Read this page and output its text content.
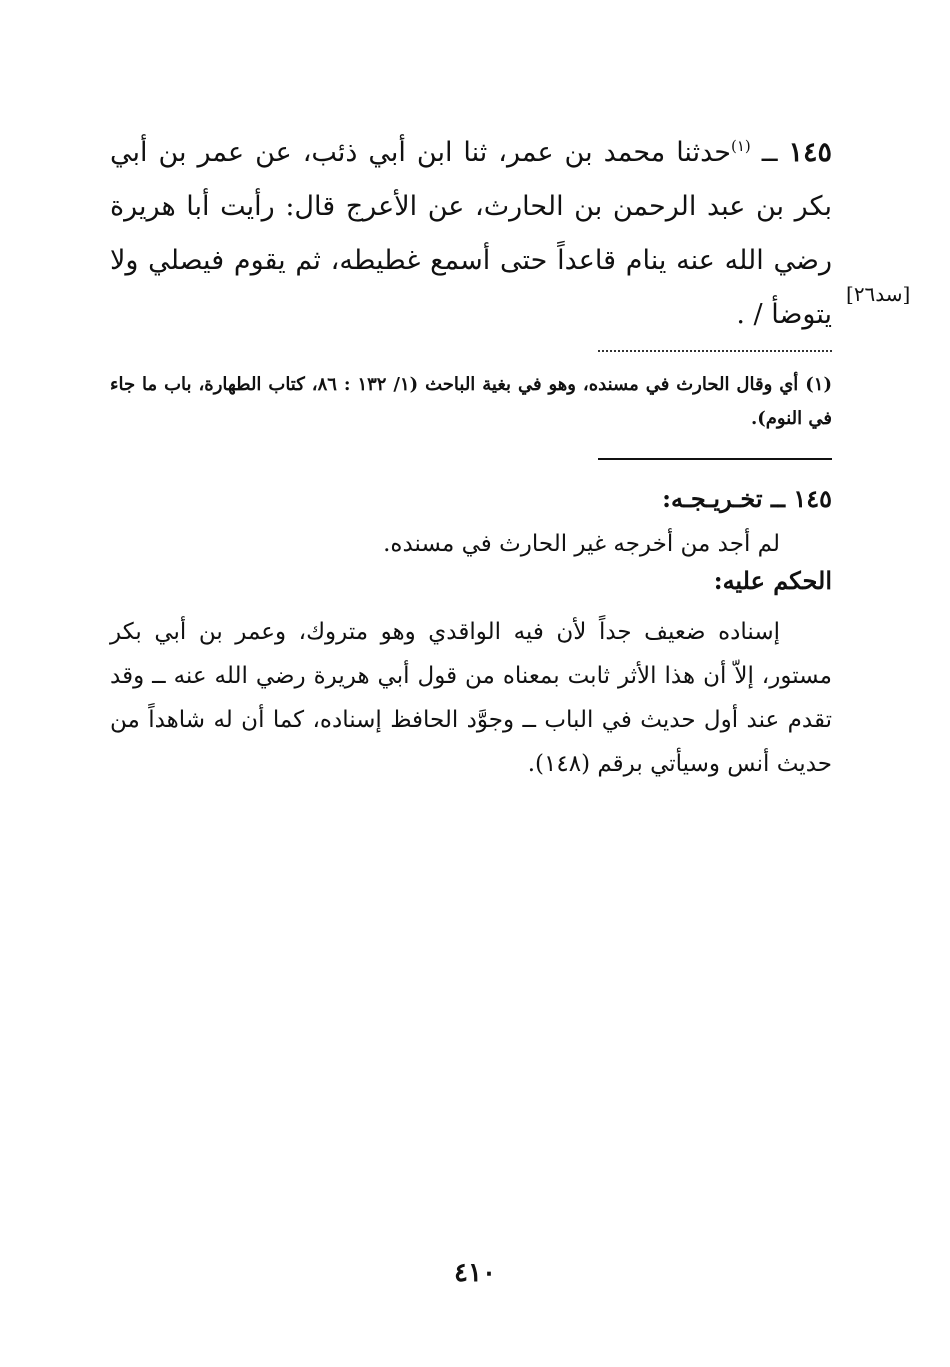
١٤٥ ــ $^{(١)}$حدثنا محمد بن عمر، ثنا ابن أبي ذئب، عن عمر بن أبي بكر بن عبد الرحمن بن الحارث، عن الأعرج قال: رأيت أبا هريرة رضي الله عنه ينام قاعداً حتى أسمع غطيطه، ثم يقوم فيصلي ولا يتوضأ / .
[سد٢٦]
(١) أي وقال الحارث في مسنده، وهو في بغية الباحث (١/ ١٣٢ : ٨٦، كتاب الطهارة، باب ما جاء في النوم).
١٤٥ ــ تخـريـجـه:
لم أجد من أخرجه غير الحارث في مسنده.
الحكم عليه:
إسناده ضعيف جداً لأن فيه الواقدي وهو متروك، وعمر بن أبي بكر مستور، إلاّ أن هذا الأثر ثابت بمعناه من قول أبي هريرة رضي الله عنه ــ وقد تقدم عند أول حديث في الباب ــ وجوَّد الحافظ إسناده، كما أن له شاهداً من حديث أنس وسيأتي برقم (١٤٨).
٤١٠
